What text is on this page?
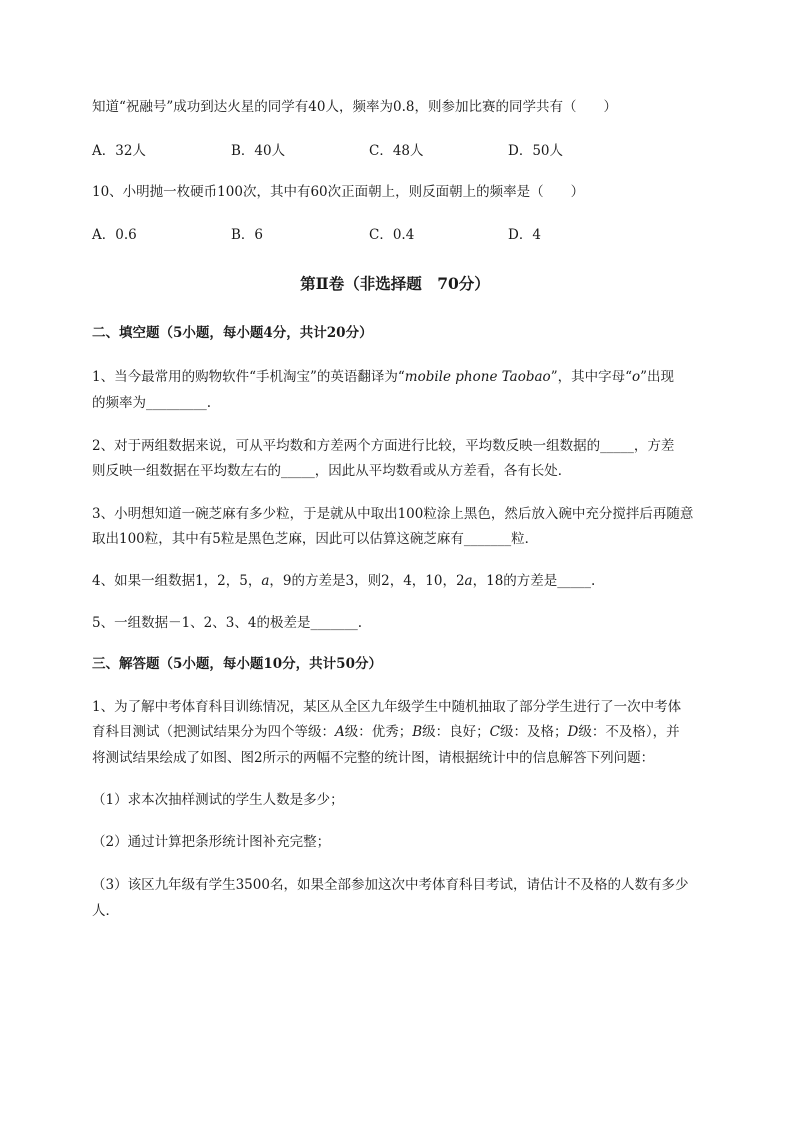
知道“祝融号”成功到达火星的同学有40人，频率为0.8，则参加比赛的同学共有（　　）
A．32人	B．40人	C．48人	D．50人
10、小明抛一枚硬币100次，其中有60次正面朝上，则反面朝上的频率是（　　）
A．0.6	B．6	C．0.4	D．4
第Ⅱ卷（非选择题　70分）
二、填空题（5小题，每小题4分，共计20分）
1、当今最常用的购物软件“手机淘宝”的英语翻译为“mobile phone Taobao”，其中字母“o”出现
的频率为_________.
2、对于两组数据来说，可从平均数和方差两个方面进行比较，平均数反映一组数据的_____，方差
则反映一组数据在平均数左右的_____，因此从平均数看或从方差看，各有长处．
3、小明想知道一碗芝麻有多少粒，于是就从中取出100粒涂上黑色，然后放入碗中充分搅拌后再随意
取出100粒，其中有5粒是黑色芝麻，因此可以估算这碗芝麻有_______粒．
4、如果一组数据1，2，5，a，9的方差是3，则2，4，10，2a，18的方差是_____.
5、一组数据－1、2、3、4的极差是_______.
三、解答题（5小题，每小题10分，共计50分）
1、为了解中考体育科目训练情况，某区从全区九年级学生中随机抽取了部分学生进行了一次中考体
育科目测试（把测试结果分为四个等级：A级：优秀；B级：良好；C级：及格；D级：不及格），并
将测试结果绘成了如图、图2所示的两幅不完整的统计图，请根据统计中的信息解答下列问题：
（1）求本次抽样测试的学生人数是多少；
（2）通过计算把条形统计图补充完整；
（3）该区九年级有学生3500名，如果全部参加这次中考体育科目考试，请估计不及格的人数有多少
人．
